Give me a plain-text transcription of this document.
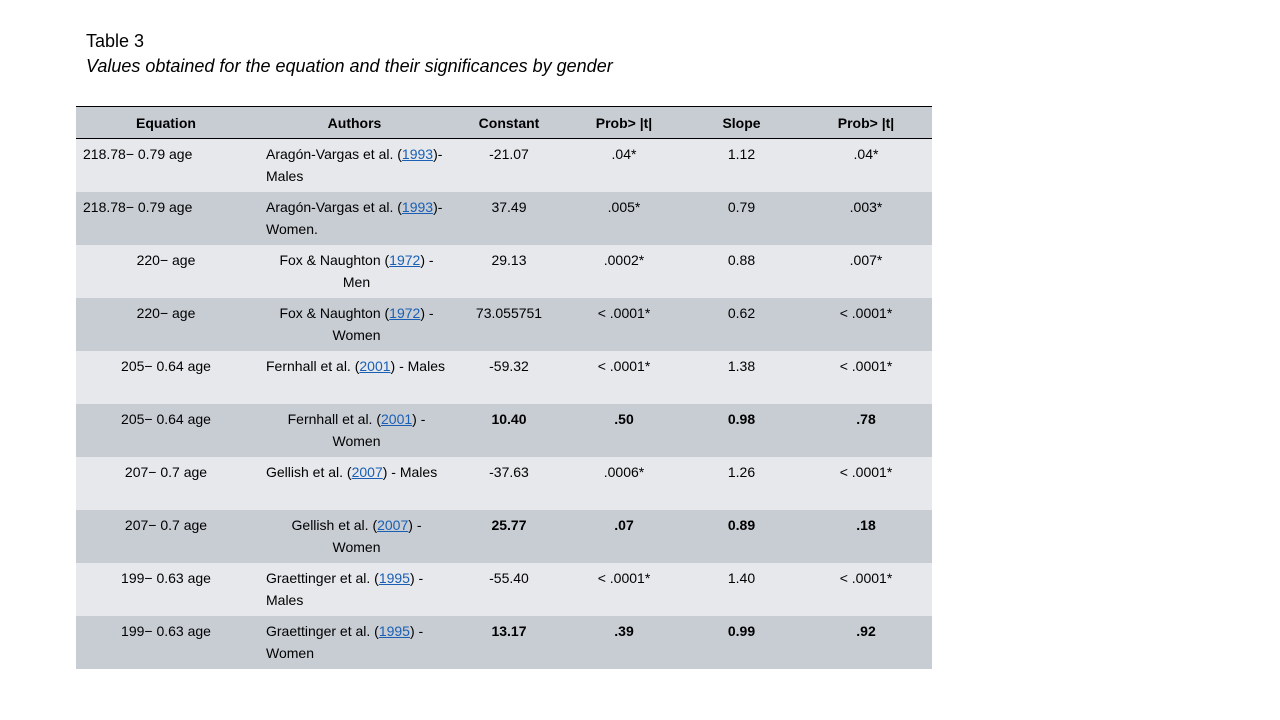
Table 3
Values obtained for the equation and their significances by gender
Equation	Authors	Constant	Prob> |t|	Slope	Prob> |t|
218.78− 0.79 age	Aragón-Vargas et al. (1993)-Males	-21.07	.04*	1.12	.04*
218.78− 0.79 age	Aragón-Vargas et al. (1993)-Women.	37.49	.005*	0.79	.003*
220− age	Fox & Naughton (1972) -Men	29.13	.0002*	0.88	.007*
220− age	Fox & Naughton (1972) -Women	73.055751	< .0001*	0.62	< .0001*
205− 0.64 age	Fernhall et al. (2001) - Males	-59.32	< .0001*	1.38	< .0001*
205− 0.64 age	Fernhall et al. (2001) - Women	10.40	.50	0.98	.78
207− 0.7 age	Gellish et al. (2007) - Males	-37.63	.0006*	1.26	< .0001*
207− 0.7 age	Gellish et al. (2007) - Women	25.77	.07	0.89	.18
199− 0.63 age	Graettinger et al. (1995) - Males	-55.40	< .0001*	1.40	< .0001*
199− 0.63 age	Graettinger et al. (1995) - Women	13.17	.39	0.99	.92
